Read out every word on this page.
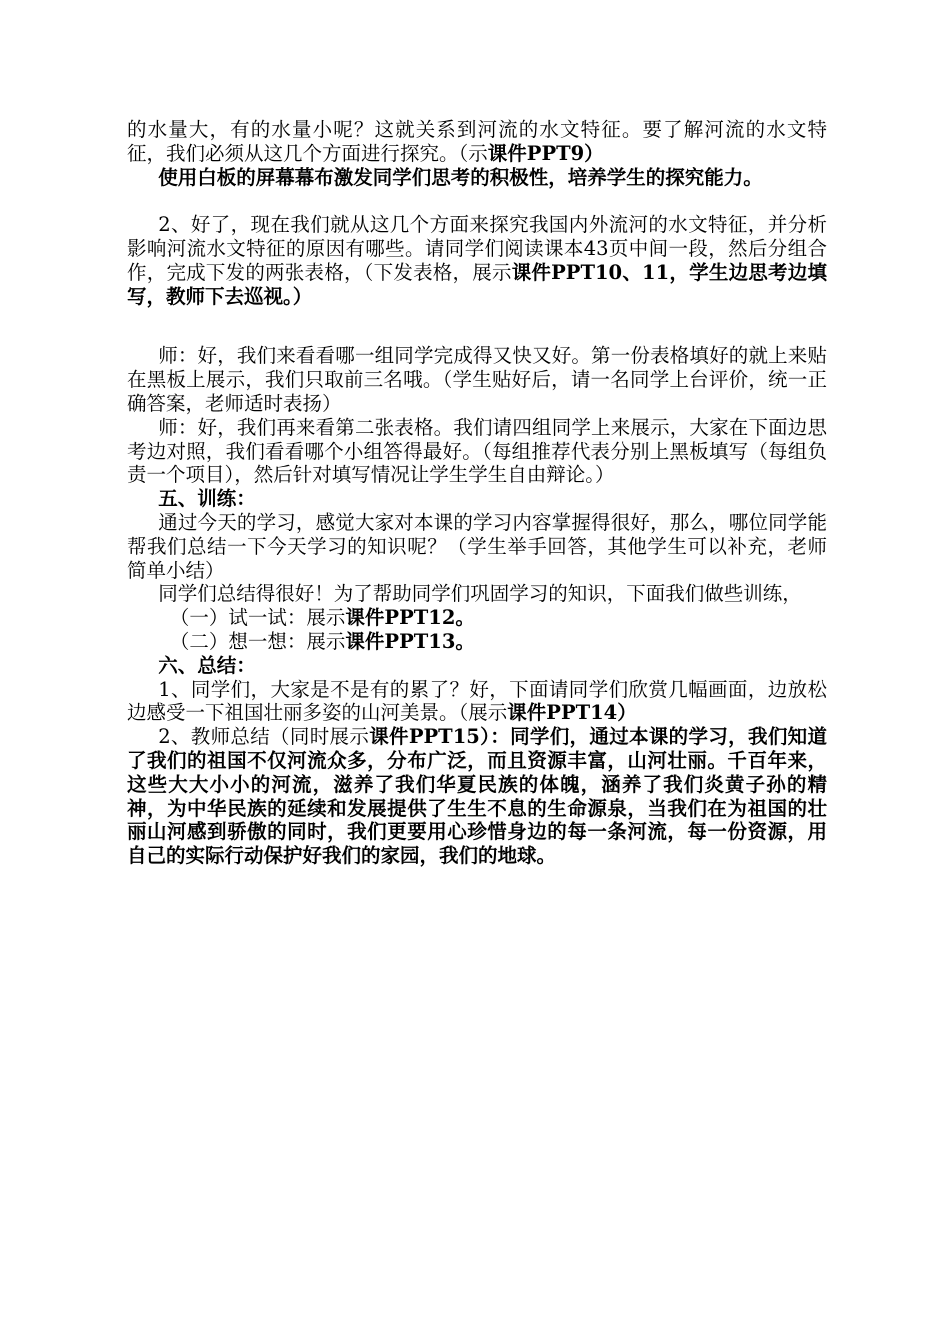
的水量大，有的水量小呢？这就关系到河流的水文特征。要了解河流的水文特征，我们必须从这几个方面进行探究。（示课件PPT9）

使用白板的屏幕幕布激发同学们思考的积极性，培养学生的探究能力。

2、好了，现在我们就从这几个方面来探究我国内外流河的水文特征，并分析影响河流水文特征的原因有哪些。请同学们阅读课本43页中间一段，然后分组合作，完成下发的两张表格，（下发表格，展示课件PPT10、11，学生边思考边填写，教师下去巡视。）

师：好，我们来看看哪一组同学完成得又快又好。第一份表格填好的就上来贴在黑板上展示，我们只取前三名哦。（学生贴好后，请一名同学上台评价，统一正确答案，老师适时表扬）

师：好，我们再来看第二张表格。我们请四组同学上来展示，大家在下面边思考边对照，我们看看哪个小组答得最好。（每组推荐代表分别上黑板填写（每组负责一个项目），然后针对填写情况让学生学生自由辩论。）

五、训练：

通过今天的学习，感觉大家对本课的学习内容掌握得很好，那么，哪位同学能帮我们总结一下今天学习的知识呢？（学生举手回答，其他学生可以补充，老师简单小结）

同学们总结得很好！为了帮助同学们巩固学习的知识，下面我们做些训练，

（一）试一试：展示课件PPT12。

（二）想一想：展示课件PPT13。

六、总结：

1、同学们，大家是不是有的累了？好，下面请同学们欣赏几幅画面，边放松边感受一下祖国壮丽多姿的山河美景。（展示课件PPT14）

2、教师总结（同时展示课件PPT15）：同学们，通过本课的学习，我们知道了我们的祖国不仅河流众多，分布广泛，而且资源丰富，山河壮丽。千百年来，这些大大小小的河流，滋养了我们华夏民族的体魄，涵养了我们炎黄子孙的精神，为中华民族的延续和发展提供了生生不息的生命源泉，当我们在为祖国的壮丽山河感到骄傲的同时，我们更要用心珍惜身边的每一条河流，每一份资源，用自己的实际行动保护好我们的家园，我们的地球。
